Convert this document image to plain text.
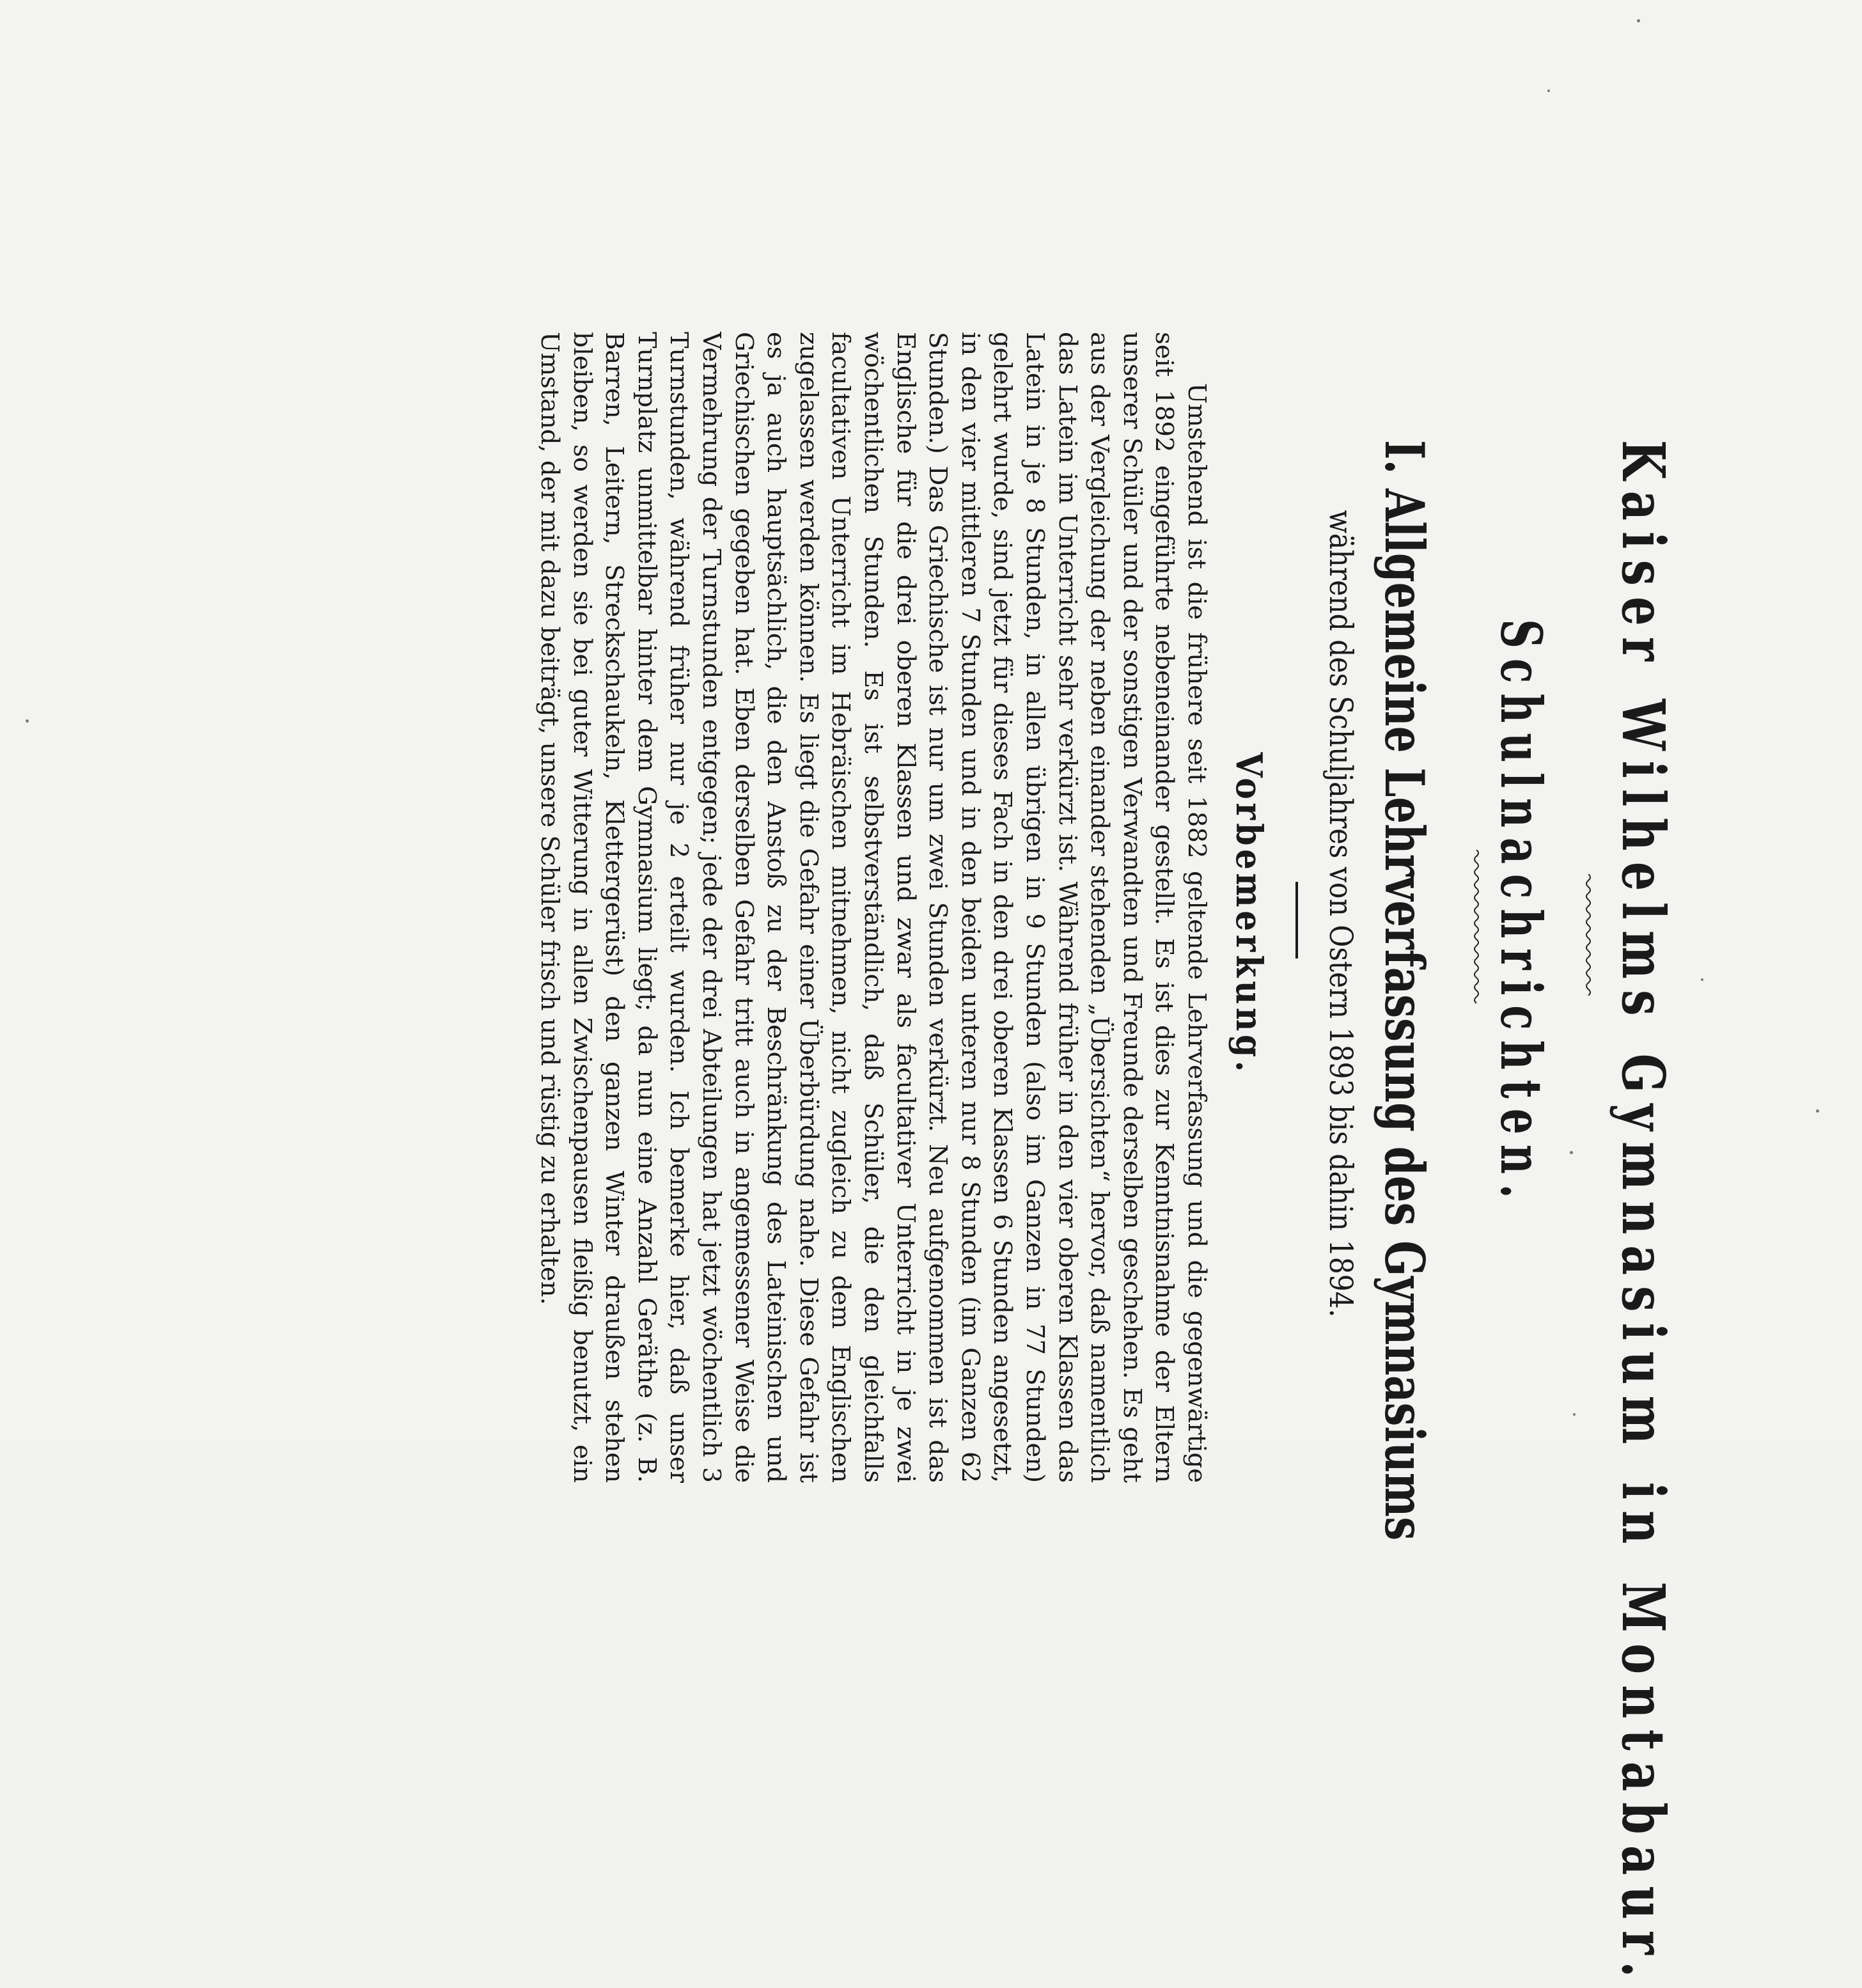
Kaiser Wilhelms Gymnasium in Montabaur.
Schulnachrichten.
I. Allgemeine Lehrverfassung des Gymnasiums
während des Schuljahres von Ostern 1893 bis dahin 1894.
Vorbemerkung.

Umstehend ist die frühere seit 1882 geltende Lehrverfassung und die gegenwärtige seit 1892 eingeführte nebeneinander gestellt. Es ist dies zur Kenntnisnahme der Eltern unserer Schüler und der sonstigen Verwandten und Freunde derselben geschehen. Es geht aus der Vergleichung der neben einander stehenden „Übersichten“ hervor, daß namentlich das Latein im Unterricht sehr verkürzt ist. Während früher in den vier oberen Klassen das Latein in je 8 Stunden, in allen übrigen in 9 Stunden (also im Ganzen in 77 Stunden) gelehrt wurde, sind jetzt für dieses Fach in den drei oberen Klassen 6 Stunden angesetzt, in den vier mittleren 7 Stunden und in den beiden unteren nur 8 Stunden (im Ganzen 62 Stunden.) Das Griechische ist nur um zwei Stunden verkürzt. Neu aufgenommen ist das Englische für die drei oberen Klassen und zwar als facultativer Unterricht in je zwei wöchentlichen Stunden. Es ist selbstverständlich, daß Schüler, die den gleichfalls facultativen Unterricht im Hebräischen mitnehmen, nicht zugleich zu dem Englischen zugelassen werden können. Es liegt die Gefahr einer Überbürdung nahe. Diese Gefahr ist es ja auch hauptsächlich, die den Anstoß zu der Beschränkung des Lateinischen und Griechischen gegeben hat. Eben derselben Gefahr tritt auch in angemessener Weise die Vermehrung der Turnstunden entgegen; jede der drei Abteilungen hat jetzt wöchentlich 3 Turnstunden, während früher nur je 2 erteilt wurden. Ich bemerke hier, daß unser Turnplatz unmittelbar hinter dem Gymnasium liegt; da nun eine Anzahl Geräthe (z. B. Barren, Leitern, Streckschaukeln, Klettergerüst) den ganzen Winter draußen stehen bleiben, so werden sie bei guter Witterung in allen Zwischenpausen fleißig benutzt, ein Umstand, der mit dazu beiträgt, unsere Schüler frisch und rüstig zu erhalten.
